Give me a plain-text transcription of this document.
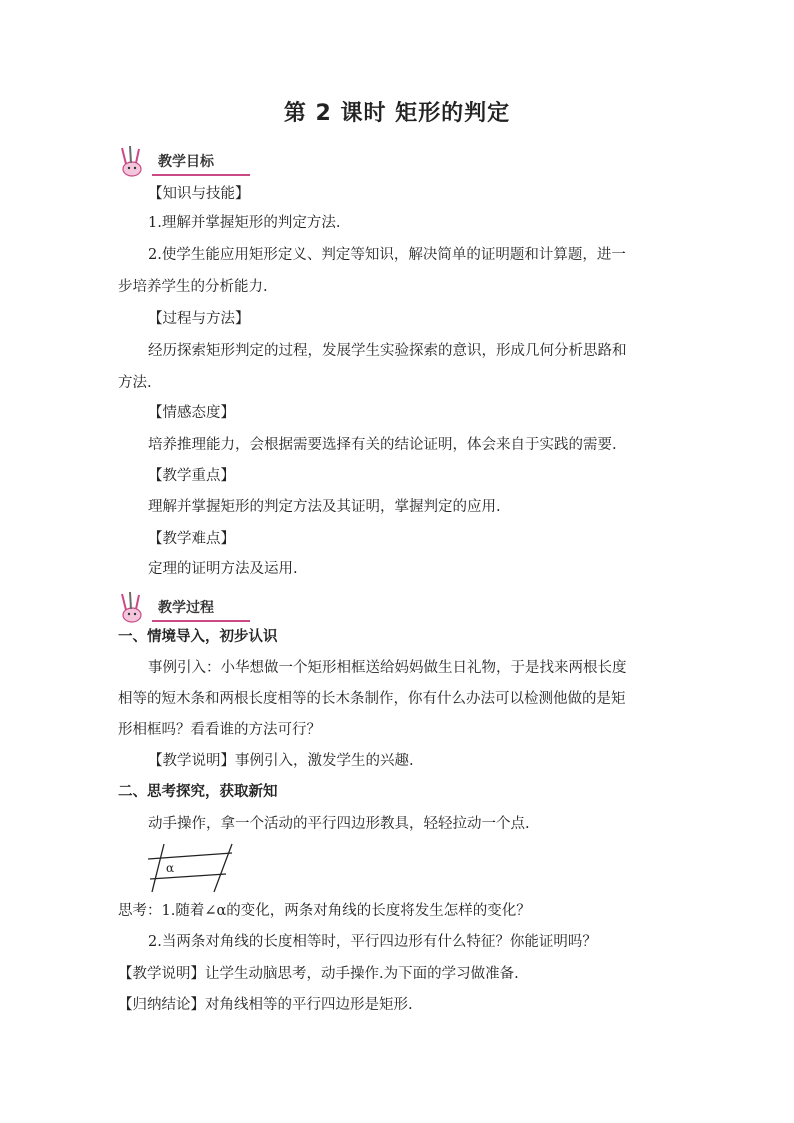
第 2 课时 矩形的判定
教学目标
【知识与技能】
1.理解并掌握矩形的判定方法.
2.使学生能应用矩形定义、判定等知识，解决简单的证明题和计算题，进一
步培养学生的分析能力.
【过程与方法】
经历探索矩形判定的过程，发展学生实验探索的意识，形成几何分析思路和
方法.
【情感态度】
培养推理能力，会根据需要选择有关的结论证明，体会来自于实践的需要.
【教学重点】
理解并掌握矩形的判定方法及其证明，掌握判定的应用.
【教学难点】
定理的证明方法及运用.
教学过程
一、情境导入，初步认识
事例引入：小华想做一个矩形相框送给妈妈做生日礼物，于是找来两根长度
相等的短木条和两根长度相等的长木条制作，你有什么办法可以检测他做的是矩
形相框吗？看看谁的方法可行？
【教学说明】事例引入，激发学生的兴趣.
二、思考探究，获取新知
动手操作，拿一个活动的平行四边形教具，轻轻拉动一个点.
α
思考：1.随着∠α的变化，两条对角线的长度将发生怎样的变化？
2.当两条对角线的长度相等时，平行四边形有什么特征？你能证明吗？
【教学说明】让学生动脑思考，动手操作.为下面的学习做准备.
【归纳结论】对角线相等的平行四边形是矩形.
